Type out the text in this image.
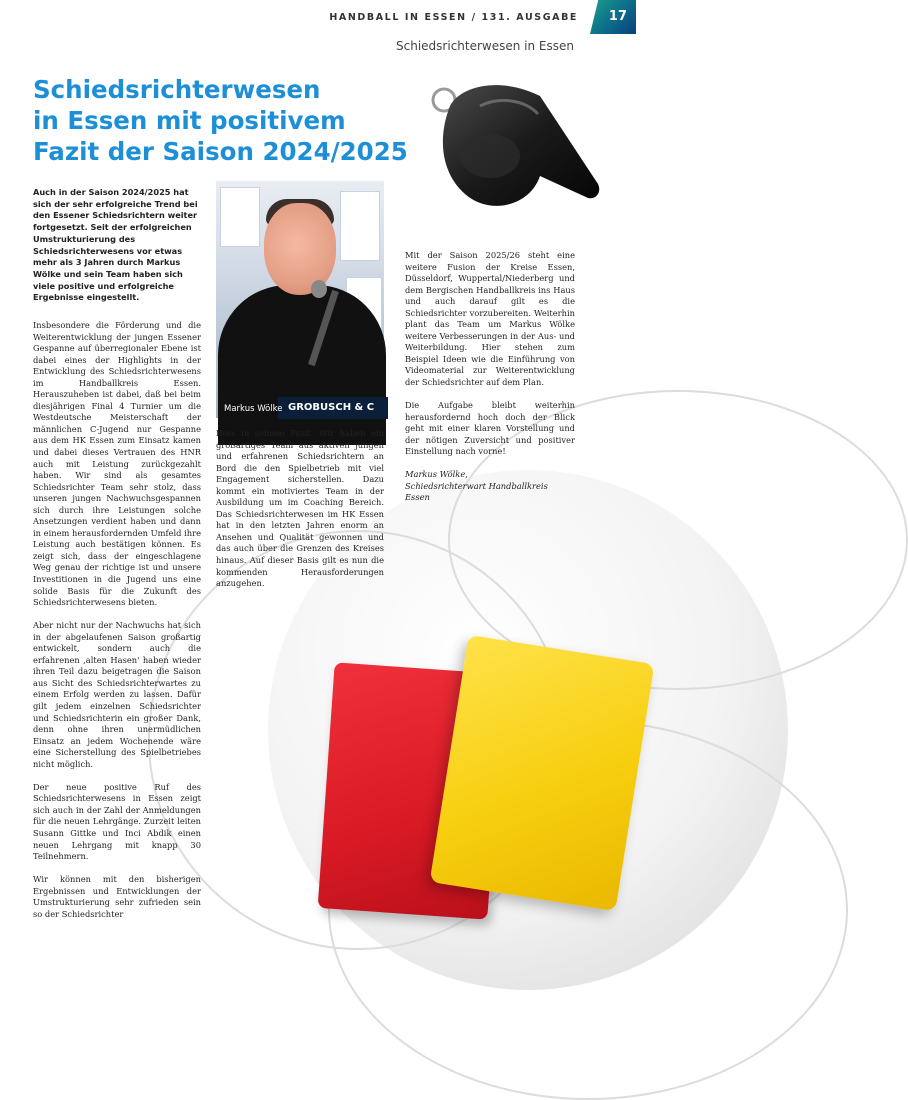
17
HANDBALL IN ESSEN / 131. AUSGABE
Schiedsrichterwesen in Essen
Schiedsrichterwesen
in Essen mit positivem
Fazit der Saison 2024/2025

Auch in der Saison 2024/2025 hat sich der sehr erfolgreiche Trend bei den Essener Schiedsrichtern weiter fortgesetzt. Seit der erfolgreichen Umstrukturierung des Schiedsrichterwesens vor etwas mehr als 3 Jahren durch Markus Wölke und sein Team haben sich viele positive und erfolgreiche Ergebnisse eingestellt.

GROBUSCH & C
Markus Wölke

Insbesondere die Förderung und die Weiterentwicklung der jungen Essener Gespanne auf überregionaler Ebene ist dabei eines der Highlights in der Entwicklung des Schiedsrichterwesens im Handballkreis Essen. Herauszuheben ist dabei, daß bei beim diesjährigen Final 4 Turnier um die Westdeutsche Meisterschaft der männlichen C-Jugend nur Gespanne aus dem HK Essen zum Einsatz kamen und dabei dieses Vertrauen des HNR auch mit Leistung zurückgezahlt haben. Wir sind als gesamtes Schiedsrichter Team sehr stolz, dass unseren jungen Nachwuchsgespannen sich durch ihre Leistungen solche Ansetzungen verdient haben und dann in einem herausfordernden Umfeld ihre Leistung auch bestätigen können. Es zeigt sich, dass der eingeschlagene Weg genau der richtige ist und unsere Investitionen in die Jugend uns eine solide Basis für die Zukunft des Schiedsrichterwesens bieten.

Aber nicht nur der Nachwuchs hat sich in der abgelaufenen Saison großartig entwickelt, sondern auch die erfahrenen ‚alten Hasen' haben wieder ihren Teil dazu beigetragen die Saison aus Sicht des Schiedsrichterwartes zu einem Erfolg werden zu lassen. Dafür gilt jedem einzelnen Schiedsrichter und Schiedsrichterin ein großer Dank, denn ohne ihren unermüdlichen Einsatz an jedem Wochenende wäre eine Sicherstellung des Spielbetriebes nicht möglich.

Der neue positive Ruf des Schiedsrichterwesens in Essen zeigt sich auch in der Zahl der Anmeldungen für die neuen Lehrgänge. Zurzeit leiten Susann Gittke und Inci Abdik einen neuen Lehrgang mit knapp 30 Teilnehmern.

Wir können mit den bisherigen Ergebnissen und Entwicklungen der Umstrukturierung sehr zufrieden sein so der Schiedsrichter

Boss in seinem Fazit. Wir haben ein großartiges Team aus aktiven jungen und erfahrenen Schiedsrichtern an Bord die den Spielbetrieb mit viel Engagement sicherstellen. Dazu kommt ein motiviertes Team in der Ausbildung um im Coaching Bereich. Das Schiedsrichterwesen im HK Essen hat in den letzten Jahren enorm an Ansehen und Qualität gewonnen und das auch über die Grenzen des Kreises hinaus. Auf dieser Basis gilt es nun die kommenden Herausforderungen anzugehen.

Mit der Saison 2025/26 steht eine weitere Fusion der Kreise Essen, Düsseldorf, Wuppertal/Niederberg und dem Bergischen Handballkreis ins Haus und auch darauf gilt es die Schiedsrichter vorzubereiten. Weiterhin plant das Team um Markus Wölke weitere Verbesserungen in der Aus- und Weiterbildung. Hier stehen zum Beispiel Ideen wie die Einführung von Videomaterial zur Weiterentwicklung der Schiedsrichter auf dem Plan.

Die Aufgabe bleibt weiterhin herausfordernd hoch doch der Blick geht mit einer klaren Vorstellung und der nötigen Zuversicht und positiver Einstellung nach vorne!

Markus Wölke,
Schiedsrichterwart Handballkreis Essen
